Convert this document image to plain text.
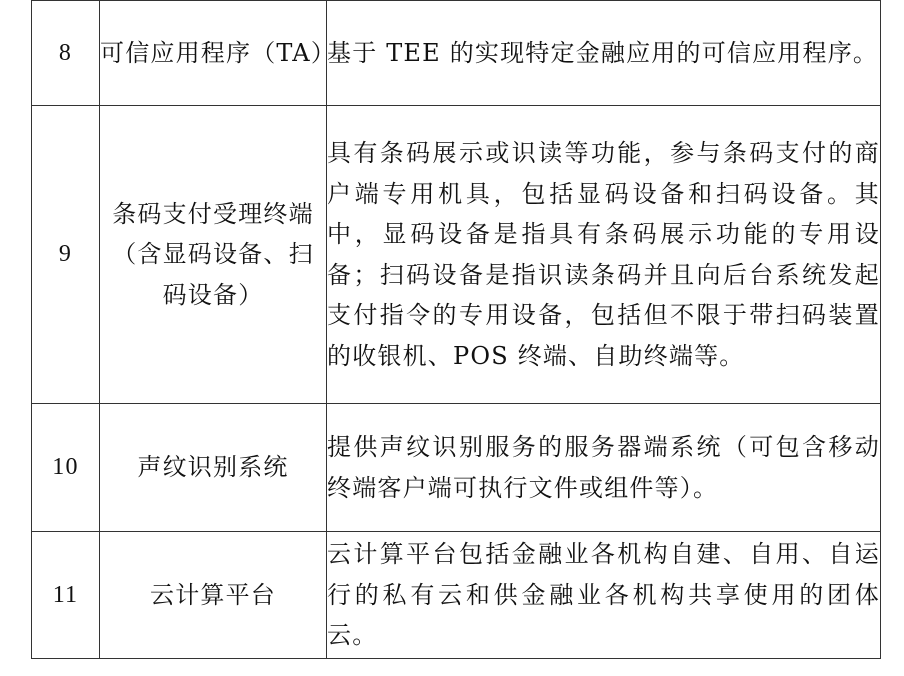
8	可信应用程序（TA）	基于 TEE 的实现特定金融应用的可信应用程序。
9	条码支付受理终端（含显码设备、扫码设备）	具有条码展示或识读等功能，参与条码支付的商户端专用机具，包括显码设备和扫码设备。其中，显码设备是指具有条码展示功能的专用设备；扫码设备是指识读条码并且向后台系统发起支付指令的专用设备，包括但不限于带扫码装置的收银机、POS 终端、自助终端等。
10	声纹识别系统	提供声纹识别服务的服务器端系统（可包含移动终端客户端可执行文件或组件等）。
11	云计算平台	云计算平台包括金融业各机构自建、自用、自运行的私有云和供金融业各机构共享使用的团体云。
